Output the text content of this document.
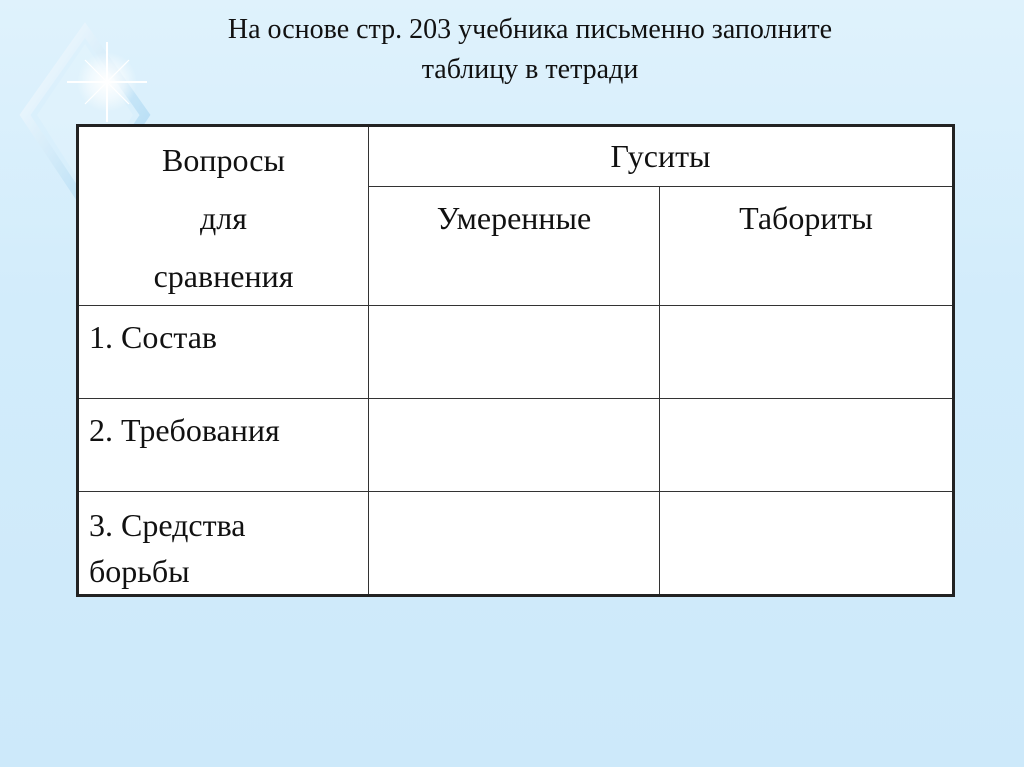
На основе стр. 203 учебника письменно заполните
таблицу в тетради
Вопросы
для
сравнения	Гуситы	
	Умеренные	Табориты

1. Состав		

2. Требования		

3. Средства
борьбы		
